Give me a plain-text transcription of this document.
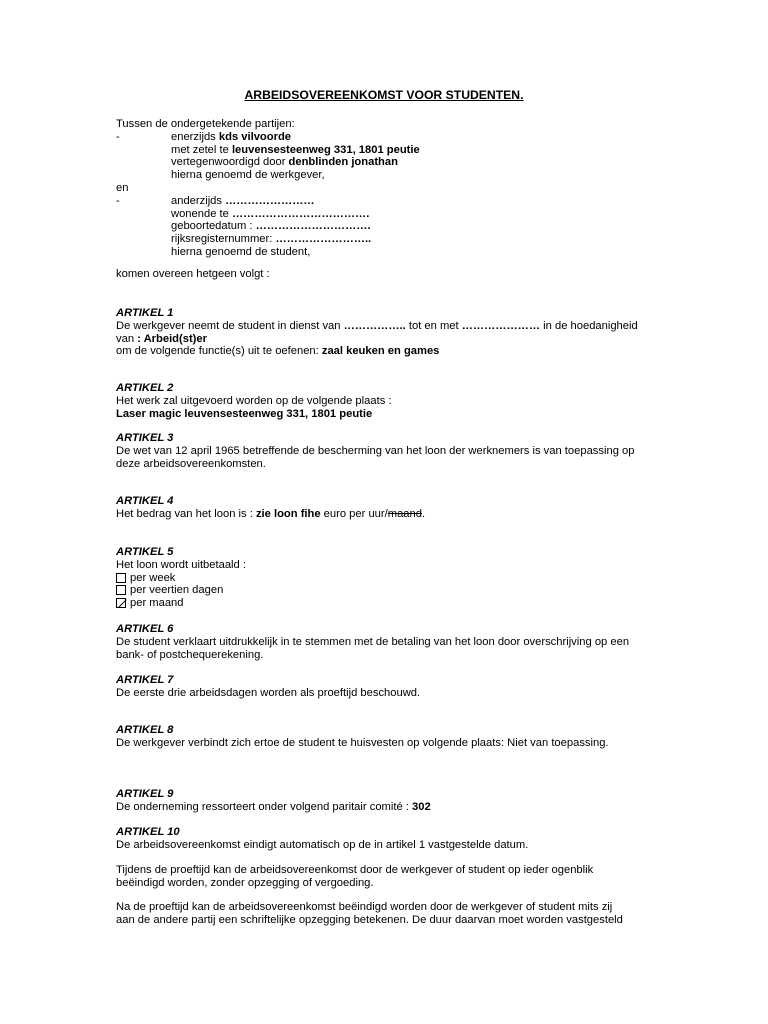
ARBEIDSOVEREENKOMST VOOR STUDENTEN.
Tussen de ondergetekende partijen:
-	enerzijds kds vilvoorde
met zetel te leuvensesteenweg 331, 1801 peutie
vertegenwoordigd door denblinden jonathan
hierna genoemd de werkgever,
en
-	anderzijds ……………………
wonende te ……………………………….
geboortedatum : ………………………….
rijksregisternummer: ……………………..
hierna genoemd de student,
komen overeen hetgeen volgt :
ARTIKEL 1
De werkgever neemt de student in dienst van …………….. tot en met ………………… in de hoedanigheid
van : Arbeid(st)er
om de volgende functie(s) uit te oefenen: zaal keuken en games
ARTIKEL 2
Het werk zal uitgevoerd worden op de volgende plaats :
Laser magic leuvensesteenweg 331, 1801 peutie
ARTIKEL 3
De wet van 12 april 1965 betreffende de bescherming van het loon der werknemers is van toepassing op
deze arbeidsovereenkomsten.
ARTIKEL 4
Het bedrag van het loon is : zie loon fihe euro per uur/maand.
ARTIKEL 5
Het loon wordt uitbetaald :
per week
per veertien dagen
per maand
ARTIKEL 6
De student verklaart uitdrukkelijk in te stemmen met de betaling van het loon door overschrijving op een
bank- of postchequerekening.
ARTIKEL 7
De eerste drie arbeidsdagen worden als proeftijd beschouwd.
ARTIKEL 8
De werkgever verbindt zich ertoe de student te huisvesten op volgende plaats: Niet van toepassing.
ARTIKEL 9
De onderneming ressorteert onder volgend paritair comité : 302
ARTIKEL 10
De arbeidsovereenkomst eindigt automatisch op de in artikel 1 vastgestelde datum.
Tijdens de proeftijd kan de arbeidsovereenkomst door de werkgever of student op ieder ogenblik
beëindigd worden, zonder opzegging of vergoeding.
Na de proeftijd kan de arbeidsovereenkomst beëindigd worden door de werkgever of student mits zij
aan de andere partij een schriftelijke opzegging betekenen. De duur daarvan moet worden vastgesteld
